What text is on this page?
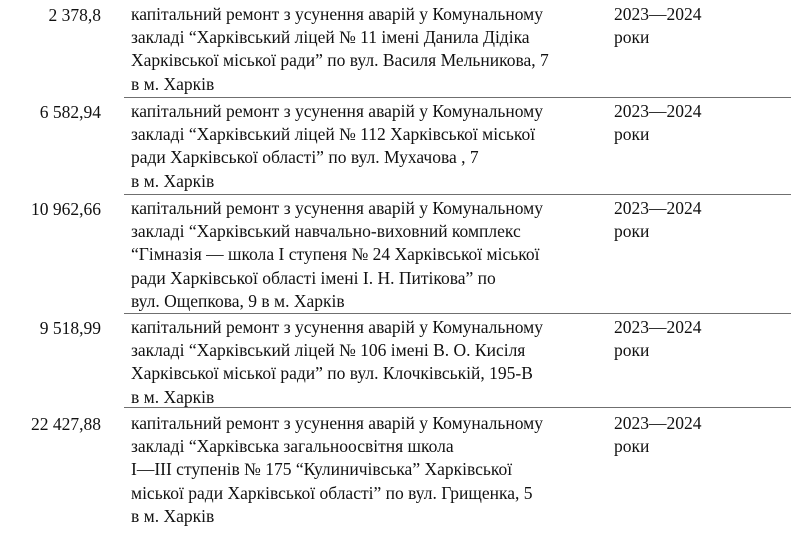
2 378,8 капітальний ремонт з усунення аварій у Комунальному
закладі “Харківський ліцей № 11 імені Данила Дідіка
Харківської міської ради” по вул. Василя Мельникова, 7
в м. Харків
2023—2024
роки
6 582,94 капітальний ремонт з усунення аварій у Комунальному
закладі “Харківський ліцей № 112 Харківської міської
ради Харківської області” по вул. Мухачова , 7
в м. Харків
2023—2024
роки
10 962,66 капітальний ремонт з усунення аварій у Комунальному
закладі “Харківський навчально-виховний комплекс
“Гімназія — школа І ступеня № 24 Харківської міської
ради Харківської області імені І. Н. Питікова” по
вул. Ощепкова, 9 в м. Харків
2023—2024
роки
9 518,99 капітальний ремонт з усунення аварій у Комунальному
закладі “Харківський ліцей № 106 імені В. О. Кисіля
Харківської міської ради” по вул. Клочківській, 195-В
в м. Харків
2023—2024
роки
22 427,88 капітальний ремонт з усунення аварій у Комунальному
закладі “Харківська загальноосвітня школа
І—ІІІ ступенів № 175 “Кулиничівська” Харківської
міської ради Харківської області” по вул. Грищенка, 5
в м. Харків
2023—2024
роки
